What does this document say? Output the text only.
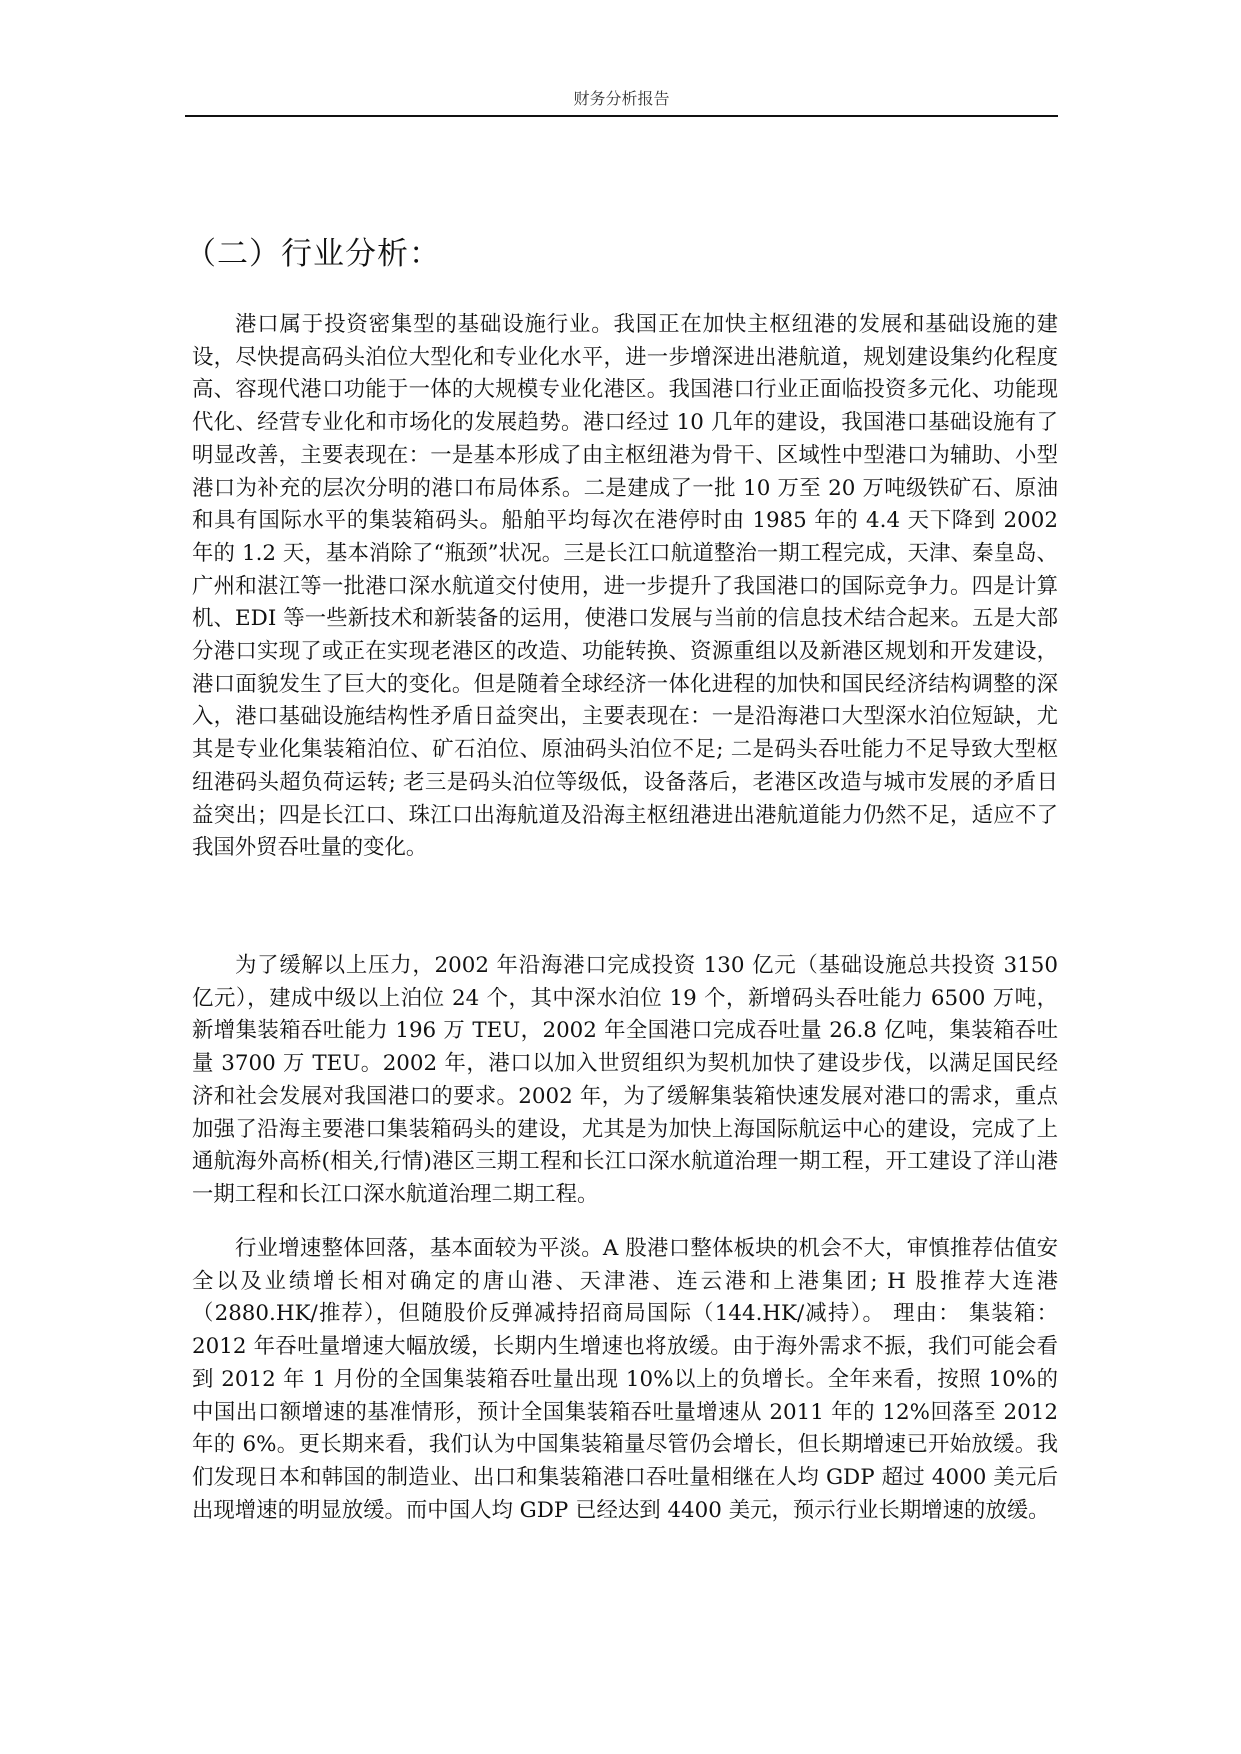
财务分析报告
（二）行业分析：

港口属于投资密集型的基础设施行业。我国正在加快主枢纽港的发展和基础设施的建设，尽快提高码头泊位大型化和专业化水平，进一步增深进出港航道，规划建设集约化程度高、容现代港口功能于一体的大规模专业化港区。我国港口行业正面临投资多元化、功能现代化、经营专业化和市场化的发展趋势。港口经过 10 几年的建设，我国港口基础设施有了明显改善，主要表现在：一是基本形成了由主枢纽港为骨干、区域性中型港口为辅助、小型港口为补充的层次分明的港口布局体系。二是建成了一批 10 万至 20 万吨级铁矿石、原油和具有国际水平的集装箱码头。船舶平均每次在港停时由 1985 年的 4.4 天下降到 2002 年的 1.2 天，基本消除了“瓶颈”状况。三是长江口航道整治一期工程完成，天津、秦皇岛、广州和湛江等一批港口深水航道交付使用，进一步提升了我国港口的国际竞争力。四是计算机、EDI 等一些新技术和新装备的运用，使港口发展与当前的信息技术结合起来。五是大部分港口实现了或正在实现老港区的改造、功能转换、资源重组以及新港区规划和开发建设，港口面貌发生了巨大的变化。但是随着全球经济一体化进程的加快和国民经济结构调整的深入，港口基础设施结构性矛盾日益突出，主要表现在：一是沿海港口大型深水泊位短缺，尤其是专业化集装箱泊位、矿石泊位、原油码头泊位不足; 二是码头吞吐能力不足导致大型枢纽港码头超负荷运转; 老三是码头泊位等级低，设备落后，老港区改造与城市发展的矛盾日益突出；四是长江口、珠江口出海航道及沿海主枢纽港进出港航道能力仍然不足，适应不了我国外贸吞吐量的变化。

为了缓解以上压力，2002 年沿海港口完成投资 130 亿元（基础设施总共投资 3150 亿元），建成中级以上泊位 24 个，其中深水泊位 19 个，新增码头吞吐能力 6500 万吨，新增集装箱吞吐能力 196 万 TEU，2002 年全国港口完成吞吐量 26.8 亿吨，集装箱吞吐量 3700 万 TEU。2002 年，港口以加入世贸组织为契机加快了建设步伐，以满足国民经济和社会发展对我国港口的要求。2002 年，为了缓解集装箱快速发展对港口的需求，重点加强了沿海主要港口集装箱码头的建设，尤其是为加快上海国际航运中心的建设，完成了上通航海外高桥(相关,行情)港区三期工程和长江口深水航道治理一期工程，开工建设了洋山港一期工程和长江口深水航道治理二期工程。

行业增速整体回落，基本面较为平淡。A 股港口整体板块的机会不大，审慎推荐估值安全以及业绩增长相对确定的唐山港、天津港、连云港和上港集团; H 股推荐大连港（2880.HK/推荐），但随股价反弹减持招商局国际（144.HK/减持）。 理由： 集装箱：2012 年吞吐量增速大幅放缓，长期内生增速也将放缓。由于海外需求不振，我们可能会看到 2012 年 1 月份的全国集装箱吞吐量出现 10%以上的负增长。全年来看，按照 10%的中国出口额增速的基准情形，预计全国集装箱吞吐量增速从 2011 年的 12%回落至 2012 年的 6%。更长期来看，我们认为中国集装箱量尽管仍会增长，但长期增速已开始放缓。我们发现日本和韩国的制造业、出口和集装箱港口吞吐量相继在人均 GDP 超过 4000 美元后出现增速的明显放缓。而中国人均 GDP 已经达到 4400 美元，预示行业长期增速的放缓。
